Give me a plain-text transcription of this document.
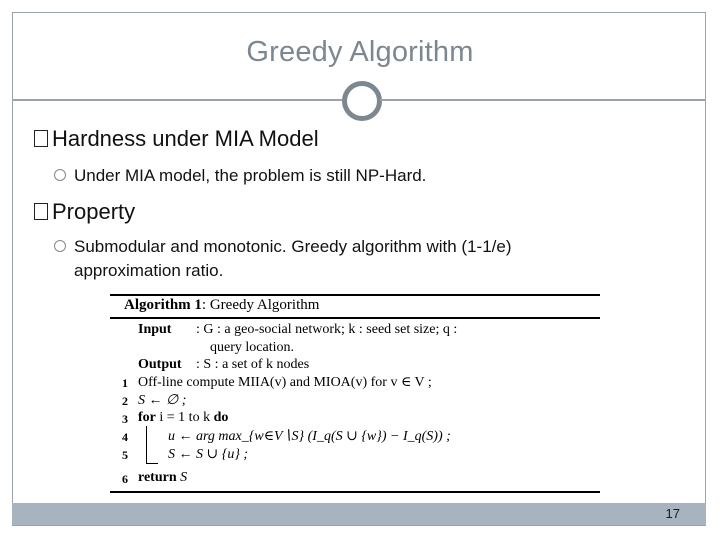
Greedy Algorithm
Hardness under MIA Model
Under MIA model, the problem is still NP-Hard.
Property
Submodular and monotonic. Greedy algorithm with (1-1/e)
approximation ratio.
Algorithm 1: Greedy Algorithm
Input : G : a geo-social network; k : seed set size; q :
query location.
Output : S : a set of k nodes
1 Off-line compute MIIA(v) and MIOA(v) for v ∈ V ;
2 S ← ∅ ;
3 for i = 1 to k do
4	u ← arg max_{w∈V∖S} (I_q(S ∪ {w}) − I_q(S)) ;
5	S ← S ∪ {u} ;
6 return S
17
